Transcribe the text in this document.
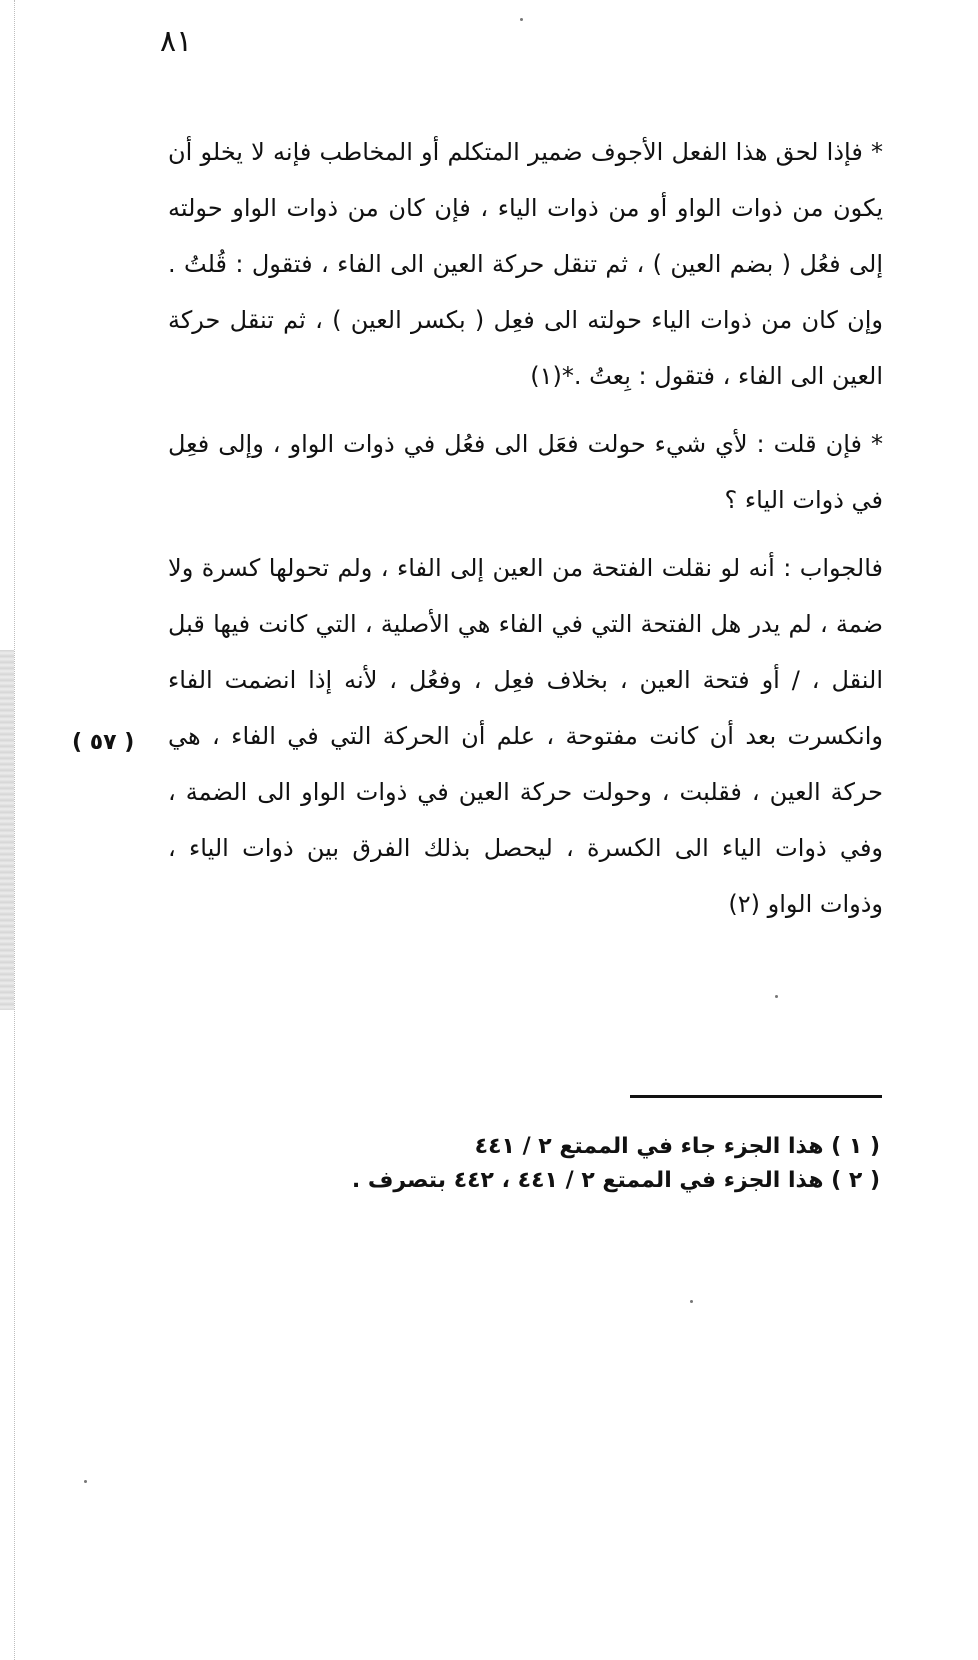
٨١

* فإذا لحق هذا الفعل الأجوف ضمير المتكلم أو المخاطب فإنه لا يخلو أن يكون من ذوات الواو أو من ذوات الياء ، فإن كان من ذوات الواو حولته إلى فعُل ( بضم العين ) ، ثم تنقل حركة العين الى الفاء ، فتقول : قُلتُ . وإن كان من ذوات الياء حولته الى فعِل ( بكسر العين ) ، ثم تنقل حركة العين الى الفاء ، فتقول : بِعتُ .*(١)

* فإن قلت : لأي شيء حولت فعَل الى فعُل في ذوات الواو ، وإلى فعِل في ذوات الياء ؟

فالجواب : أنه لو نقلت الفتحة من العين إلى الفاء ، ولم تحولها كسرة ولا ضمة ، لم يدر هل الفتحة التي في الفاء هي الأصلية ، التي كانت فيها قبل النقل ، / أو فتحة العين ، بخلاف فعِل ، وفعُل ، لأنه إذا انضمت الفاء وانكسرت بعد أن كانت مفتوحة ، علم أن الحركة التي في الفاء ، هي حركة العين ، فقلبت ، وحولت حركة العين في ذوات الواو الى الضمة ، وفي ذوات الياء الى الكسرة ، ليحصل بذلك الفرق بين ذوات الياء ، وذوات الواو (٢)

( ٥٧ )

( ١ ) هذا الجزء جاء في الممتع ٢ / ٤٤١

( ٢ ) هذا الجزء في الممتع ٢ / ٤٤١ ، ٤٤٢ بتصرف .
